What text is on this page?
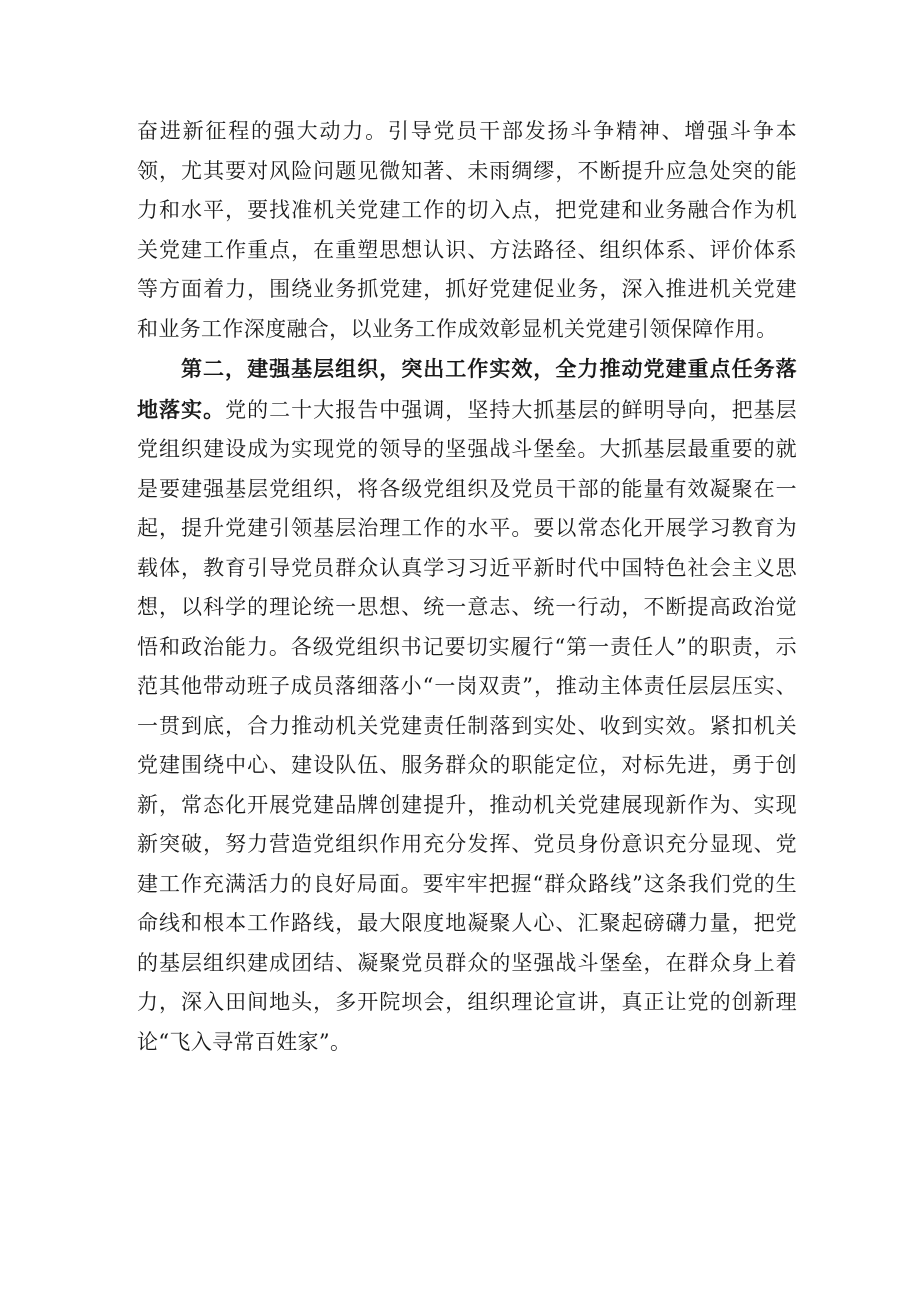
奋进新征程的强大动力。引导党员干部发扬斗争精神、增强斗争本领，尤其要对风险问题见微知著、未雨绸缪，不断提升应急处突的能力和水平，要找准机关党建工作的切入点，把党建和业务融合作为机关党建工作重点，在重塑思想认识、方法路径、组织体系、评价体系等方面着力，围绕业务抓党建，抓好党建促业务，深入推进机关党建和业务工作深度融合，以业务工作成效彰显机关党建引领保障作用。

第二，建强基层组织，突出工作实效，全力推动党建重点任务落地落实。党的二十大报告中强调，坚持大抓基层的鲜明导向，把基层党组织建设成为实现党的领导的坚强战斗堡垒。大抓基层最重要的就是要建强基层党组织，将各级党组织及党员干部的能量有效凝聚在一起，提升党建引领基层治理工作的水平。要以常态化开展学习教育为载体，教育引导党员群众认真学习习近平新时代中国特色社会主义思想，以科学的理论统一思想、统一意志、统一行动，不断提高政治觉悟和政治能力。各级党组织书记要切实履行“第一责任人”的职责，示范其他带动班子成员落细落小“一岗双责”，推动主体责任层层压实、一贯到底，合力推动机关党建责任制落到实处、收到实效。紧扣机关党建围绕中心、建设队伍、服务群众的职能定位，对标先进，勇于创新，常态化开展党建品牌创建提升，推动机关党建展现新作为、实现新突破，努力营造党组织作用充分发挥、党员身份意识充分显现、党建工作充满活力的良好局面。要牢牢把握“群众路线”这条我们党的生命线和根本工作路线，最大限度地凝聚人心、汇聚起磅礴力量，把党的基层组织建成团结、凝聚党员群众的坚强战斗堡垒，在群众身上着力，深入田间地头，多开院坝会，组织理论宣讲，真正让党的创新理论“飞入寻常百姓家”。
